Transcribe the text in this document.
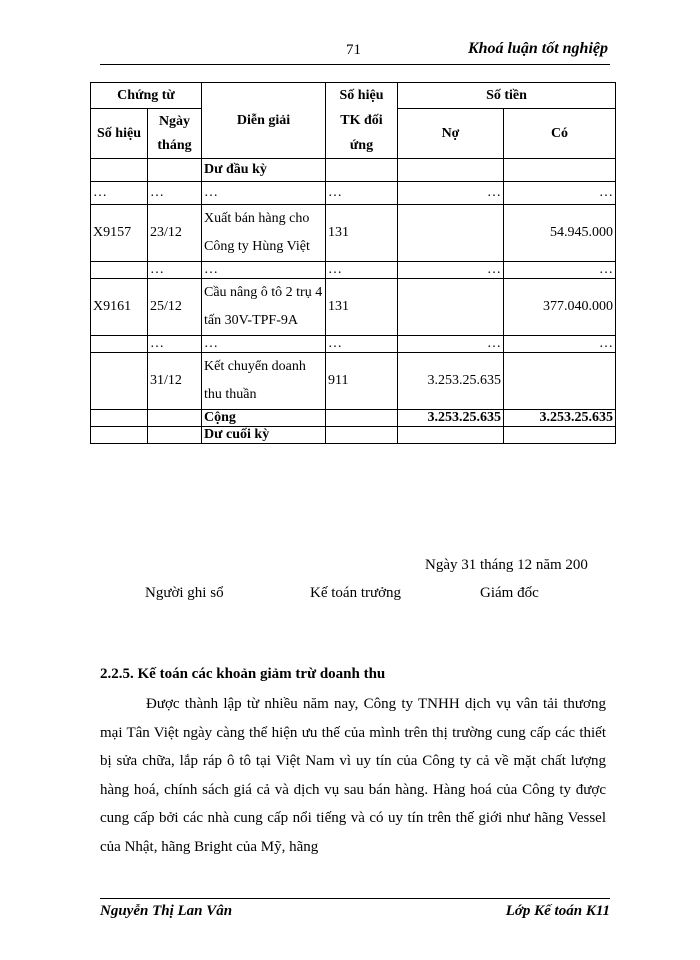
71	Khoá luận tốt nghiệp
Chứng từ		Diễn giải	Số hiệu TK đối ứng	Số tiền	
Số hiệu	Ngày tháng			Nợ	Có
		Dư đầu kỳ			
…	…	…	…	…	…
X9157	23/12	Xuất bán hàng cho Công ty Hùng Việt	131		54.945.000
	…	…	…	…	…
X9161	25/12	Cầu nâng ô tô 2 trụ 4 tấn 30V-TPF-9A	131		377.040.000
	…	…	…	…	…
	31/12	Kết chuyển doanh thu thuần	911	3.253.25.635	
		Cộng		3.253.25.635	3.253.25.635
		Dư cuối kỳ			
Ngày 31 tháng 12 năm 200
Người ghi sổ	Kế toán trưởng	Giám đốc
2.2.5. Kế toán các khoản giảm trừ doanh thu
Được thành lập từ nhiều năm nay, Công ty TNHH dịch vụ vân tải thương mại Tân Việt ngày càng thể hiện ưu thế của mình trên thị trường cung cấp các thiết bị sửa chữa, lắp ráp ô tô tại Việt Nam vì uy tín của Công ty cả về mặt chất lượng hàng hoá, chính sách giá cả và dịch vụ sau bán hàng. Hàng hoá của Công ty được cung cấp bởi các nhà cung cấp nổi tiếng và có uy tín trên thế giới như hãng Vessel của Nhật, hãng Bright của Mỹ, hãng
Nguyễn Thị Lan Vân	Lớp Kế toán K11
